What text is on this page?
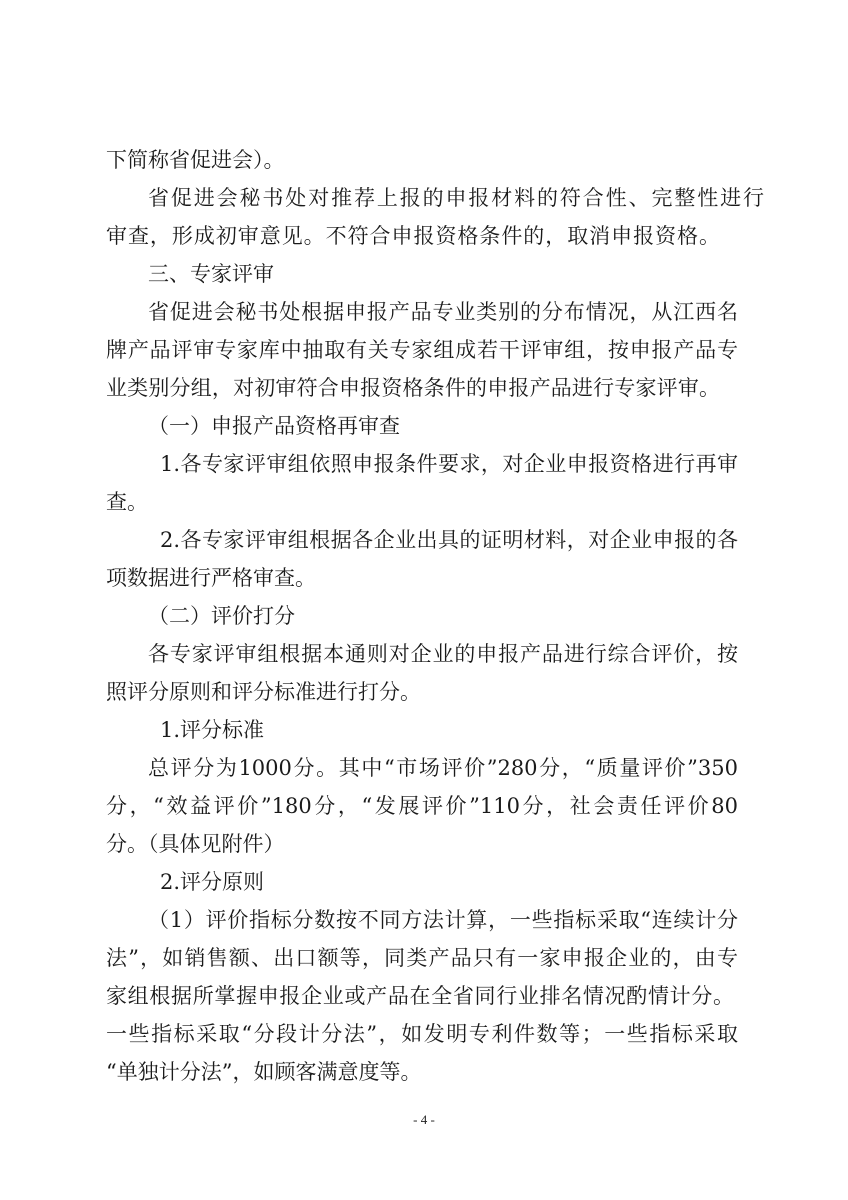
下简称省促进会）。
省促进会秘书处对推荐上报的申报材料的符合性、完整性进行
审查，形成初审意见。不符合申报资格条件的，取消申报资格。
三、专家评审
省促进会秘书处根据申报产品专业类别的分布情况，从江西名
牌产品评审专家库中抽取有关专家组成若干评审组，按申报产品专
业类别分组，对初审符合申报资格条件的申报产品进行专家评审。
（一）申报产品资格再审查
1.各专家评审组依照申报条件要求，对企业申报资格进行再审
查。
2.各专家评审组根据各企业出具的证明材料，对企业申报的各
项数据进行严格审查。
（二）评价打分
各专家评审组根据本通则对企业的申报产品进行综合评价，按
照评分原则和评分标准进行打分。
1.评分标准
总评分为1000分。其中“市场评价”280分，“质量评价”350
分，“效益评价”180分，“发展评价”110分，社会责任评价80
分。（具体见附件）
2.评分原则
（1）评价指标分数按不同方法计算，一些指标采取“连续计分
法”，如销售额、出口额等，同类产品只有一家申报企业的，由专
家组根据所掌握申报企业或产品在全省同行业排名情况酌情计分。
一些指标采取“分段计分法”，如发明专利件数等；一些指标采取
“单独计分法”，如顾客满意度等。
- 4 -
